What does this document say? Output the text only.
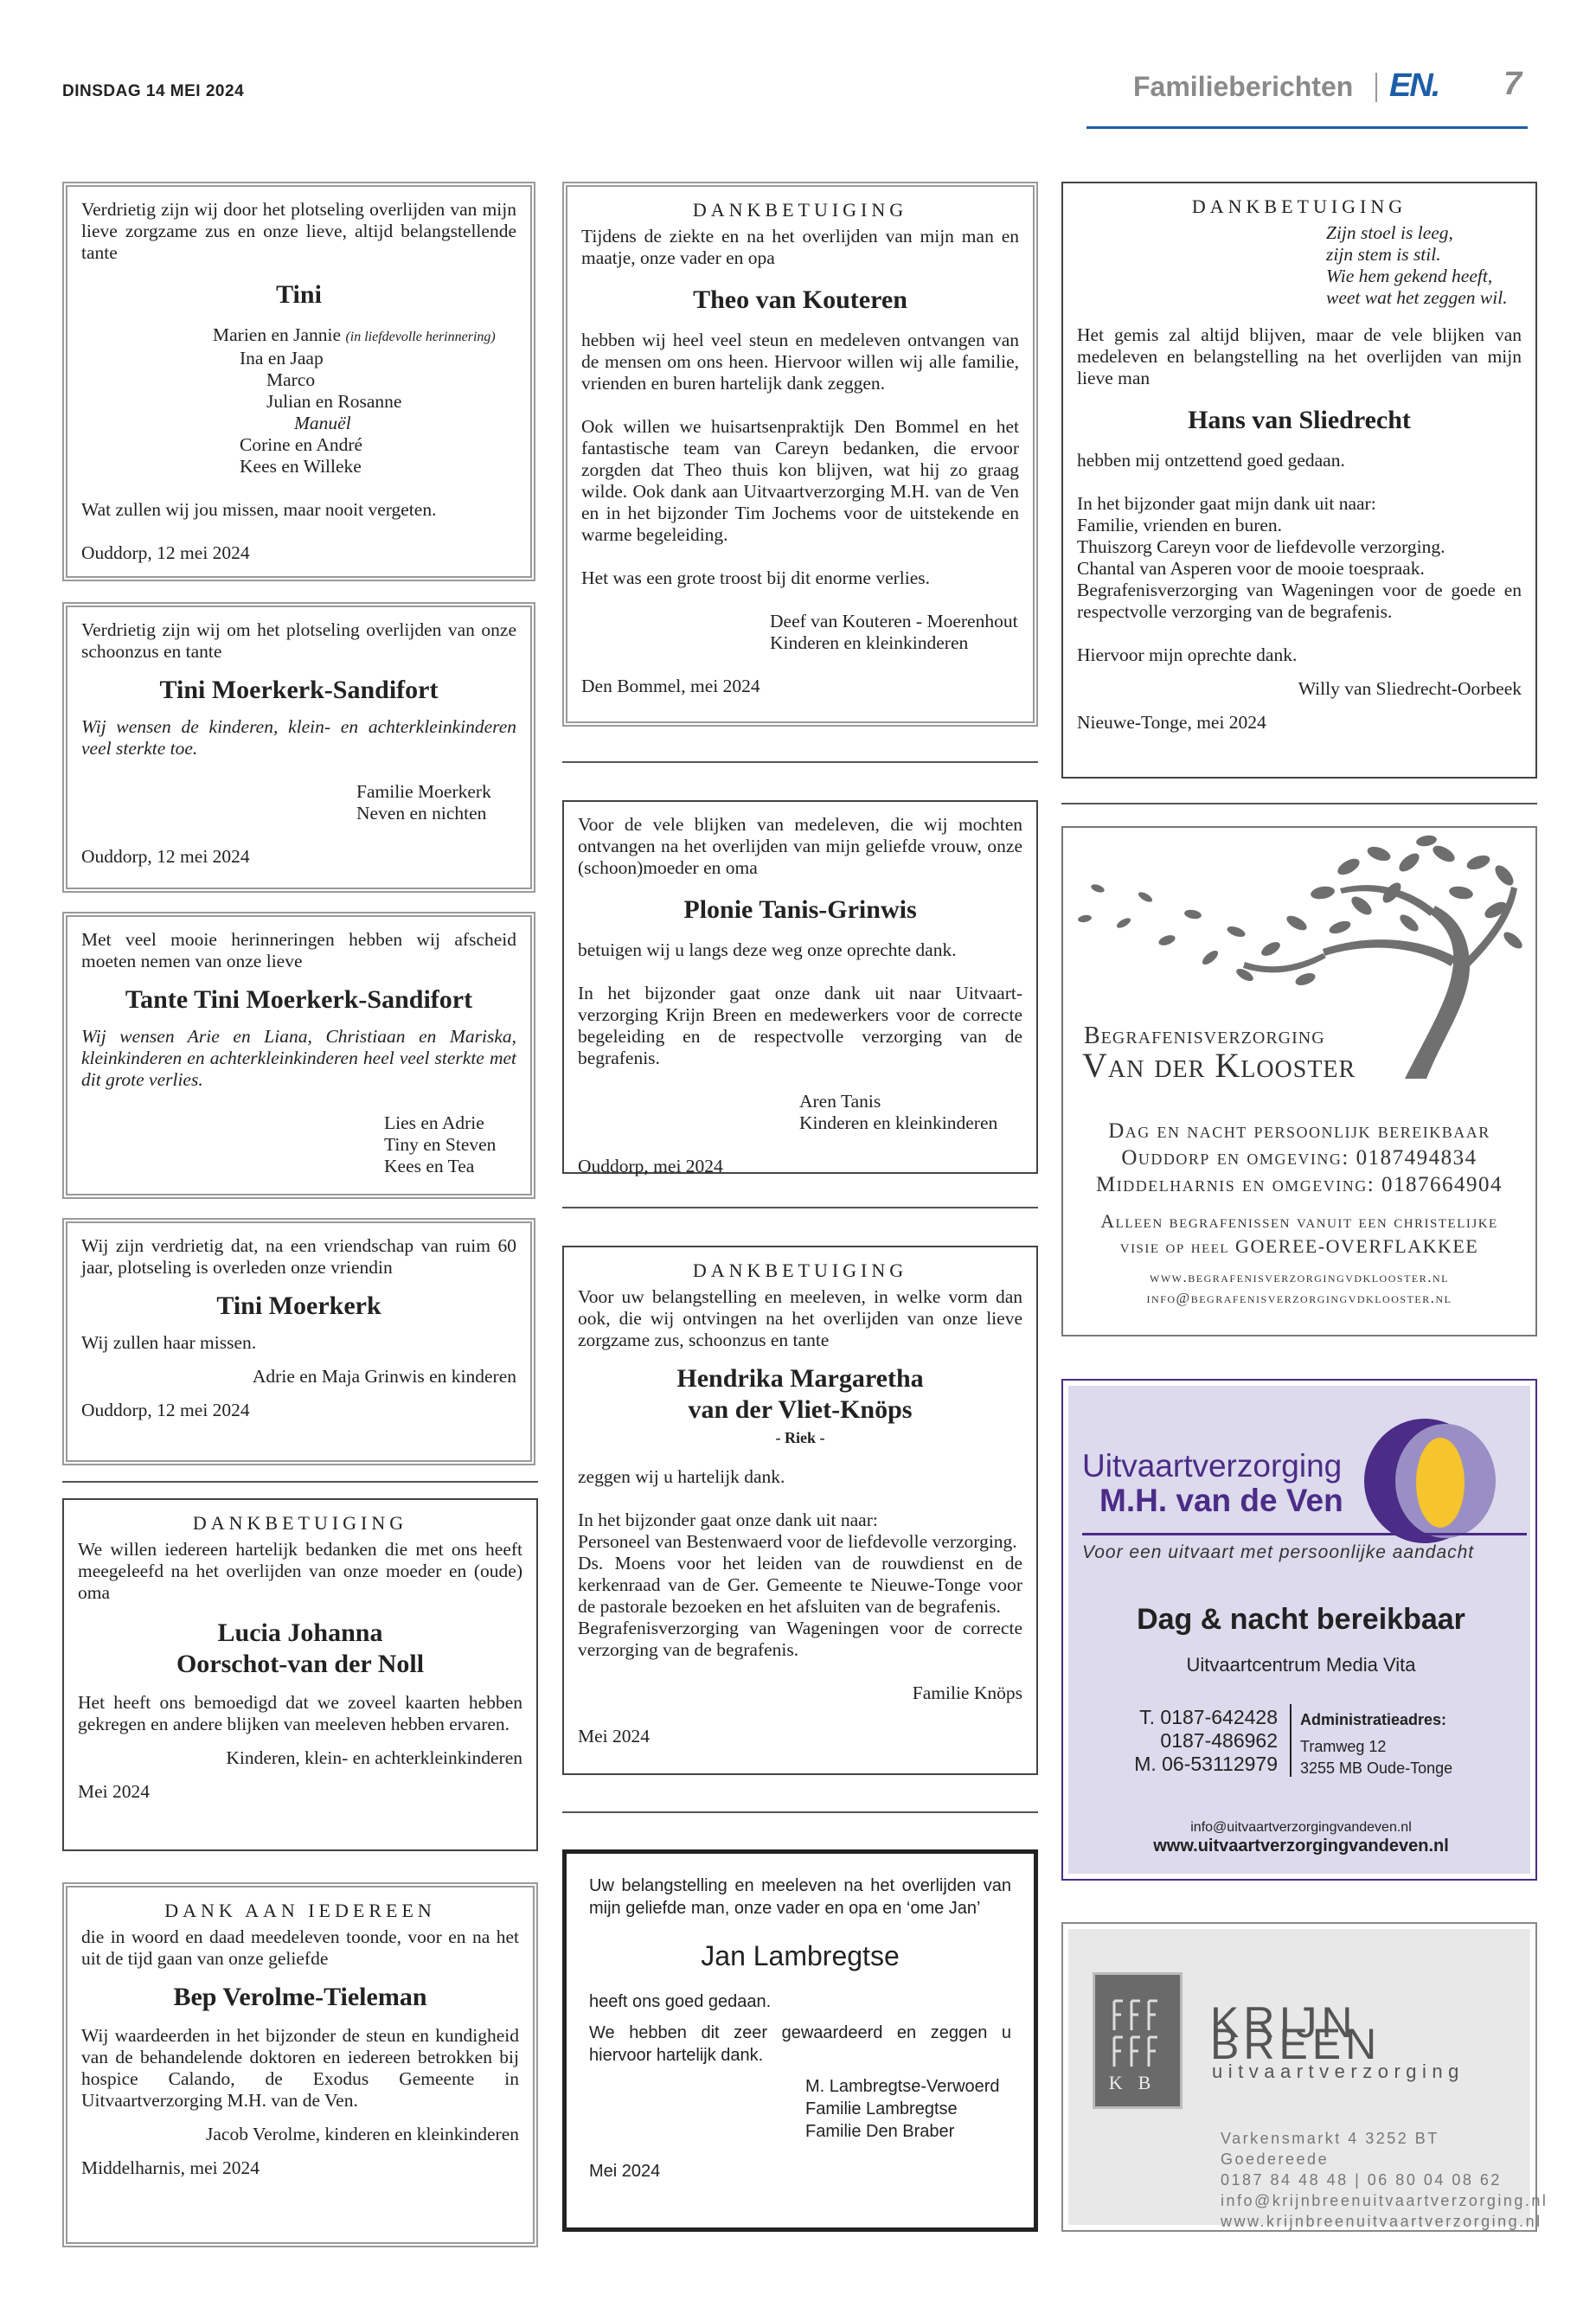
DINSDAG 14 MEI 2024	Familieberichten EN. 7

Verdrietig zijn wij door het plotseling overlijden van mijn lieve zorgzame zus en onze lieve, altijd belangstellende tante

Tini
Marien en Jannie (in liefdevolle herinnering)
Ina en Jaap
Marco
Julian en Rosanne
Manuël
Corine en André
Kees en Willeke

Wat zullen wij jou missen, maar nooit vergeten.

Ouddorp, 12 mei 2024

Verdrietig zijn wij om het plotseling overlijden van onze schoonzus en tante

Tini Moerkerk-Sandifort

Wij wensen de kinderen, klein- en achterkleinkinderen veel sterkte toe.

Familie Moerkerk
Neven en nichten

Ouddorp, 12 mei 2024

Met veel mooie herinneringen hebben wij afscheid moeten nemen van onze lieve

Tante Tini Moerkerk-Sandifort

Wij wensen Arie en Liana, Christiaan en Mariska, kleinkinderen en achterkleinkinderen heel veel sterkte met dit grote verlies.

Lies en Adrie
Tiny en Steven
Kees en Tea

Wij zijn verdrietig dat, na een vriendschap van ruim 60 jaar, plotseling is overleden onze vriendin

Tini Moerkerk

Wij zullen haar missen.

Adrie en Maja Grinwis en kinderen

Ouddorp, 12 mei 2024

DANKBETUIGING

We willen iedereen hartelijk bedanken die met ons heeft meegeleefd na het overlijden van onze moeder en (oude) oma

Lucia Johanna
Oorschot-van der Noll

Het heeft ons bemoedigd dat we zoveel kaarten hebben gekregen en andere blijken van meeleven hebben ervaren.

Kinderen, klein- en achterkleinkinderen

Mei 2024

DANK AAN IEDEREEN

die in woord en daad meedeleven toonde, voor en na het uit de tijd gaan van onze geliefde

Bep Verolme-Tieleman

Wij waardeerden in het bijzonder de steun en kundigheid van de behandelende doktoren en iedereen betrokken bij hospice Calando, de Exodus Gemeente in Uitvaartverzorging M.H. van de Ven.

Jacob Verolme, kinderen en kleinkinderen

Middelharnis, mei 2024

DANKBETUIGING

Tijdens de ziekte en na het overlijden van mijn man en maatje, onze vader en opa

Theo van Kouteren

hebben wij heel veel steun en medeleven ontvangen van de mensen om ons heen. Hiervoor willen wij alle familie, vrienden en buren hartelijk dank zeggen.

Ook willen we huisartsenpraktijk Den Bommel en het fantastische team van Careyn bedanken, die ervoor zorgden dat Theo thuis kon blijven, wat hij zo graag wilde. Ook dank aan Uitvaartverzorging M.H. van de Ven en in het bijzonder Tim Jochems voor de uitstekende en warme begeleiding.

Het was een grote troost bij dit enorme verlies.

Deef van Kouteren - Moerenhout
Kinderen en kleinkinderen

Den Bommel, mei 2024

Voor de vele blijken van medeleven, die wij mochten ontvangen na het overlijden van mijn geliefde vrouw, onze (schoon)moeder en oma

Plonie Tanis-Grinwis

betuigen wij u langs deze weg onze oprechte dank.

In het bijzonder gaat onze dank uit naar Uitvaart-verzorging Krijn Breen en medewerkers voor de correcte begeleiding en de respectvolle verzorging van de begrafenis.

Aren Tanis
Kinderen en kleinkinderen

Ouddorp, mei 2024

DANKBETUIGING

Voor uw belangstelling en meeleven, in welke vorm dan ook, die wij ontvingen na het overlijden van onze lieve zorgzame zus, schoonzus en tante

Hendrika Margaretha
van der Vliet-Knöps
- Riek -

zeggen wij u hartelijk dank.

In het bijzonder gaat onze dank uit naar:

Personeel van Bestenwaerd voor de liefdevolle verzorging.

Ds. Moens voor het leiden van de rouwdienst en de kerkenraad van de Ger. Gemeente te Nieuwe-Tonge voor de pastorale bezoeken en het afsluiten van de begrafenis.

Begrafenisverzorging van Wageningen voor de correcte verzorging van de begrafenis.

Familie Knöps

Mei 2024

Uw belangstelling en meeleven na het overlijden van mijn geliefde man, onze vader en opa en ‘ome Jan’

Jan Lambregtse

heeft ons goed gedaan.

We hebben dit zeer gewaardeerd en zeggen u hiervoor hartelijk dank.

M. Lambregtse-Verwoerd
Familie Lambregtse
Familie Den Braber

Mei 2024

DANKBETUIGING
Zijn stoel is leeg,
zijn stem is stil.
Wie hem gekend heeft,
weet wat het zeggen wil.

Het gemis zal altijd blijven, maar de vele blijken van medeleven en belangstelling na het overlijden van mijn lieve man

Hans van Sliedrecht

hebben mij ontzettend goed gedaan.

In het bijzonder gaat mijn dank uit naar:

Familie, vrienden en buren.

Thuiszorg Careyn voor de liefdevolle verzorging.

Chantal van Asperen voor de mooie toespraak.

Begrafenisverzorging van Wageningen voor de goede en respectvolle verzorging van de begrafenis.

Hiervoor mijn oprechte dank.

Willy van Sliedrecht-Oorbeek

Nieuwe-Tonge, mei 2024

Begrafenisverzorging
Van der Klooster
Dag en nacht persoonlijk bereikbaar
Ouddorp en omgeving: 0187494834
Middelharnis en omgeving: 0187664904
Alleen begrafenissen vanuit een christelijke
visie op heel GOEREE-OVERFLAKKEE
www.begrafenisverzorgingvdklooster.nl
info@begrafenisverzorgingvdklooster.nl
Uitvaartverzorging
M.H. van de Ven
Voor een uitvaart met persoonlijke aandacht
Dag & nacht bereikbaar
Uitvaartcentrum Media Vita
T. 0187-642428
0187-486962
M. 06-53112979
Administratieadres:
Tramweg 12
3255 MB Oude-Tonge
info@uitvaartverzorgingvandeven.nl
www.uitvaartverzorgingvandeven.nl
KB
KRIJN BREEN
uitvaartverzorging
Varkensmarkt 4 3252 BT Goedereede
0187 84 48 48 | 06 80 04 08 62
info@krijnbreenuitvaartverzorging.nl
www.krijnbreenuitvaartverzorging.nl
